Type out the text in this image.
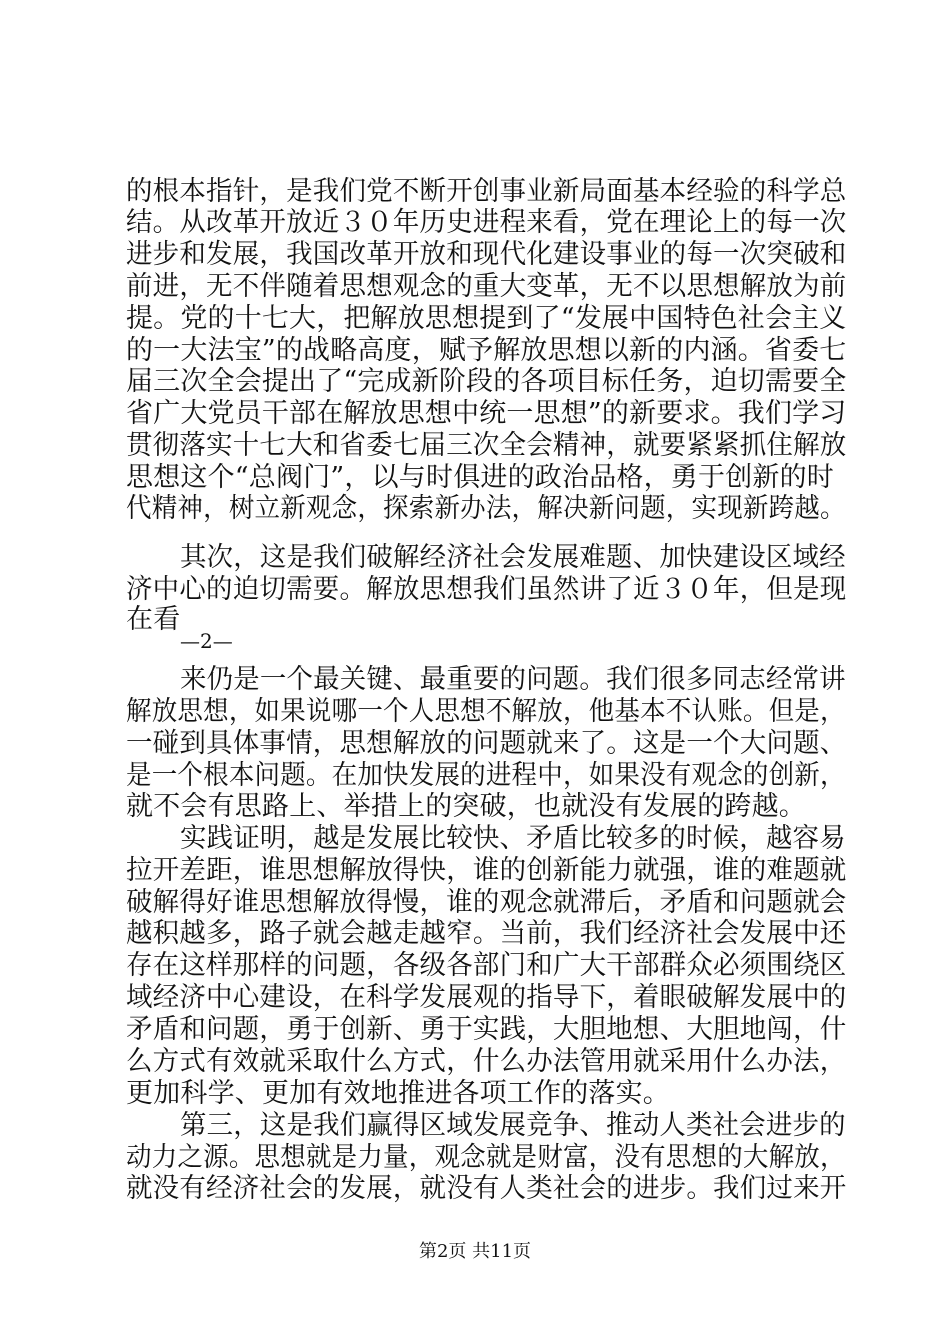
的根本指针，是我们党不断开创事业新局面基本经验的科学总
结。从改革开放近３０年历史进程来看，党在理论上的每一次
进步和发展，我国改革开放和现代化建设事业的每一次突破和
前进，无不伴随着思想观念的重大变革，无不以思想解放为前
提。党的十七大，把解放思想提到了“发展中国特色社会主义
的一大法宝”的战略高度，赋予解放思想以新的内涵。省委七
届三次全会提出了“完成新阶段的各项目标任务，迫切需要全
省广大党员干部在解放思想中统一思想”的新要求。我们学习
贯彻落实十七大和省委七届三次全会精神，就要紧紧抓住解放
思想这个“总阀门”，以与时俱进的政治品格，勇于创新的时
代精神，树立新观念，探索新办法，解决新问题，实现新跨越。
其次，这是我们破解经济社会发展难题、加快建设区域经
济中心的迫切需要。解放思想我们虽然讲了近３０年，但是现
在看
—2—
来仍是一个最关键、最重要的问题。我们很多同志经常讲
解放思想，如果说哪一个人思想不解放，他基本不认账。但是，
一碰到具体事情，思想解放的问题就来了。这是一个大问题、
是一个根本问题。在加快发展的进程中，如果没有观念的创新，
就不会有思路上、举措上的突破，也就没有发展的跨越。
实践证明，越是发展比较快、矛盾比较多的时候，越容易
拉开差距，谁思想解放得快，谁的创新能力就强，谁的难题就
破解得好谁思想解放得慢，谁的观念就滞后，矛盾和问题就会
越积越多，路子就会越走越窄。当前，我们经济社会发展中还
存在这样那样的问题，各级各部门和广大干部群众必须围绕区
域经济中心建设，在科学发展观的指导下，着眼破解发展中的
矛盾和问题，勇于创新、勇于实践，大胆地想、大胆地闯，什
么方式有效就采取什么方式，什么办法管用就采用什么办法，
更加科学、更加有效地推进各项工作的落实。
第三，这是我们赢得区域发展竞争、推动人类社会进步的
动力之源。思想就是力量，观念就是财富，没有思想的大解放，
就没有经济社会的发展，就没有人类社会的进步。我们过来开
第2页 共11页
